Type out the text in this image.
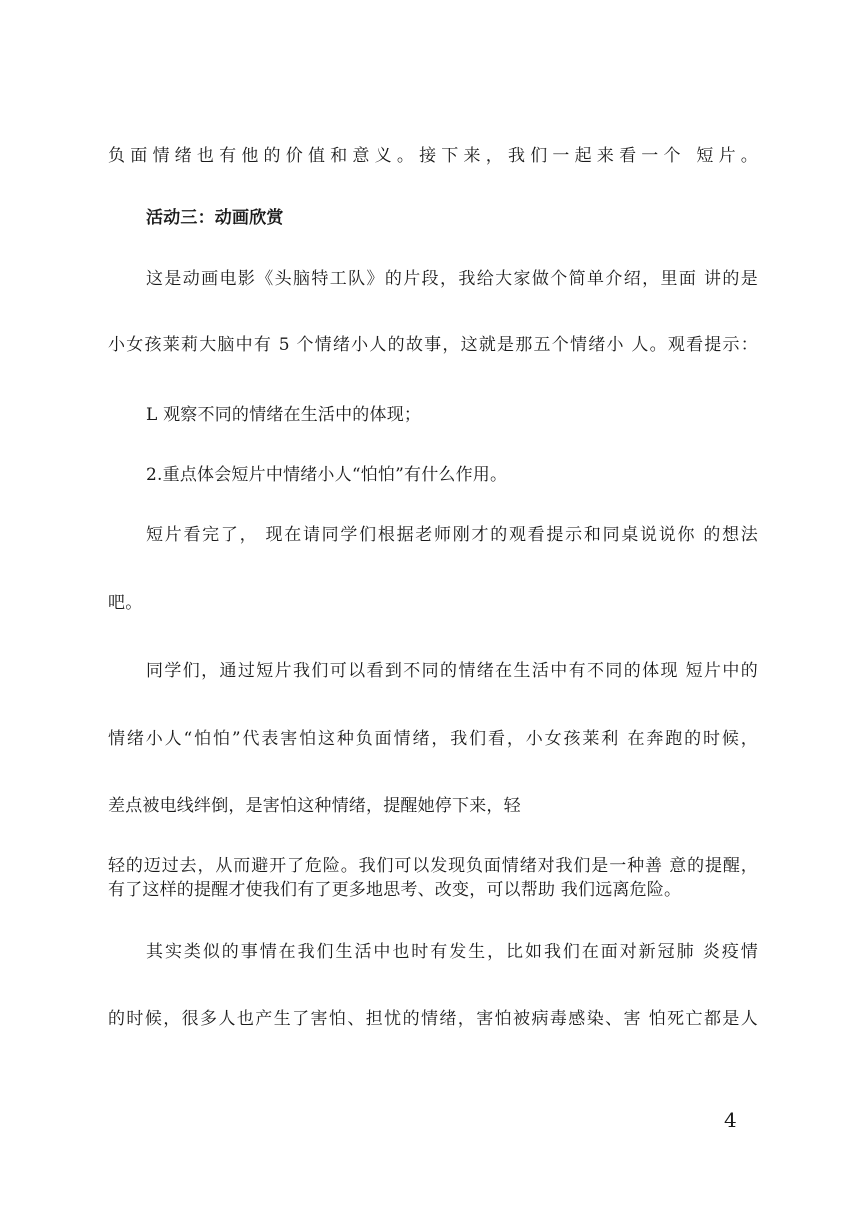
负面情绪也有他的价值和意义。接下来，我们一起来看一个 短片。
活动三：动画欣赏
这是动画电影《头脑特工队》的片段，我给大家做个简单介绍，里面 讲的是
小女孩莱莉大脑中有 5 个情绪小人的故事，这就是那五个情绪小 人。观看提示：
L 观察不同的情绪在生活中的体现；
2.重点体会短片中情绪小人“怕怕”有什么作用。
短片看完了， 现在请同学们根据老师刚才的观看提示和同桌说说你 的想法
吧。
同学们，通过短片我们可以看到不同的情绪在生活中有不同的体现 短片中的
情绪小人“怕怕”代表害怕这种负面情绪，我们看，小女孩莱利 在奔跑的时候，
差点被电线绊倒，是害怕这种情绪，提醒她停下来，轻
轻的迈过去，从而避开了危险。我们可以发现负面情绪对我们是一种善 意的提醒，
有了这样的提醒才使我们有了更多地思考、改变，可以帮助 我们远离危险。
其实类似的事情在我们生活中也时有发生，比如我们在面对新冠肺 炎疫情
的时候，很多人也产生了害怕、担忧的情绪，害怕被病毒感染、害 怕死亡都是人
4
